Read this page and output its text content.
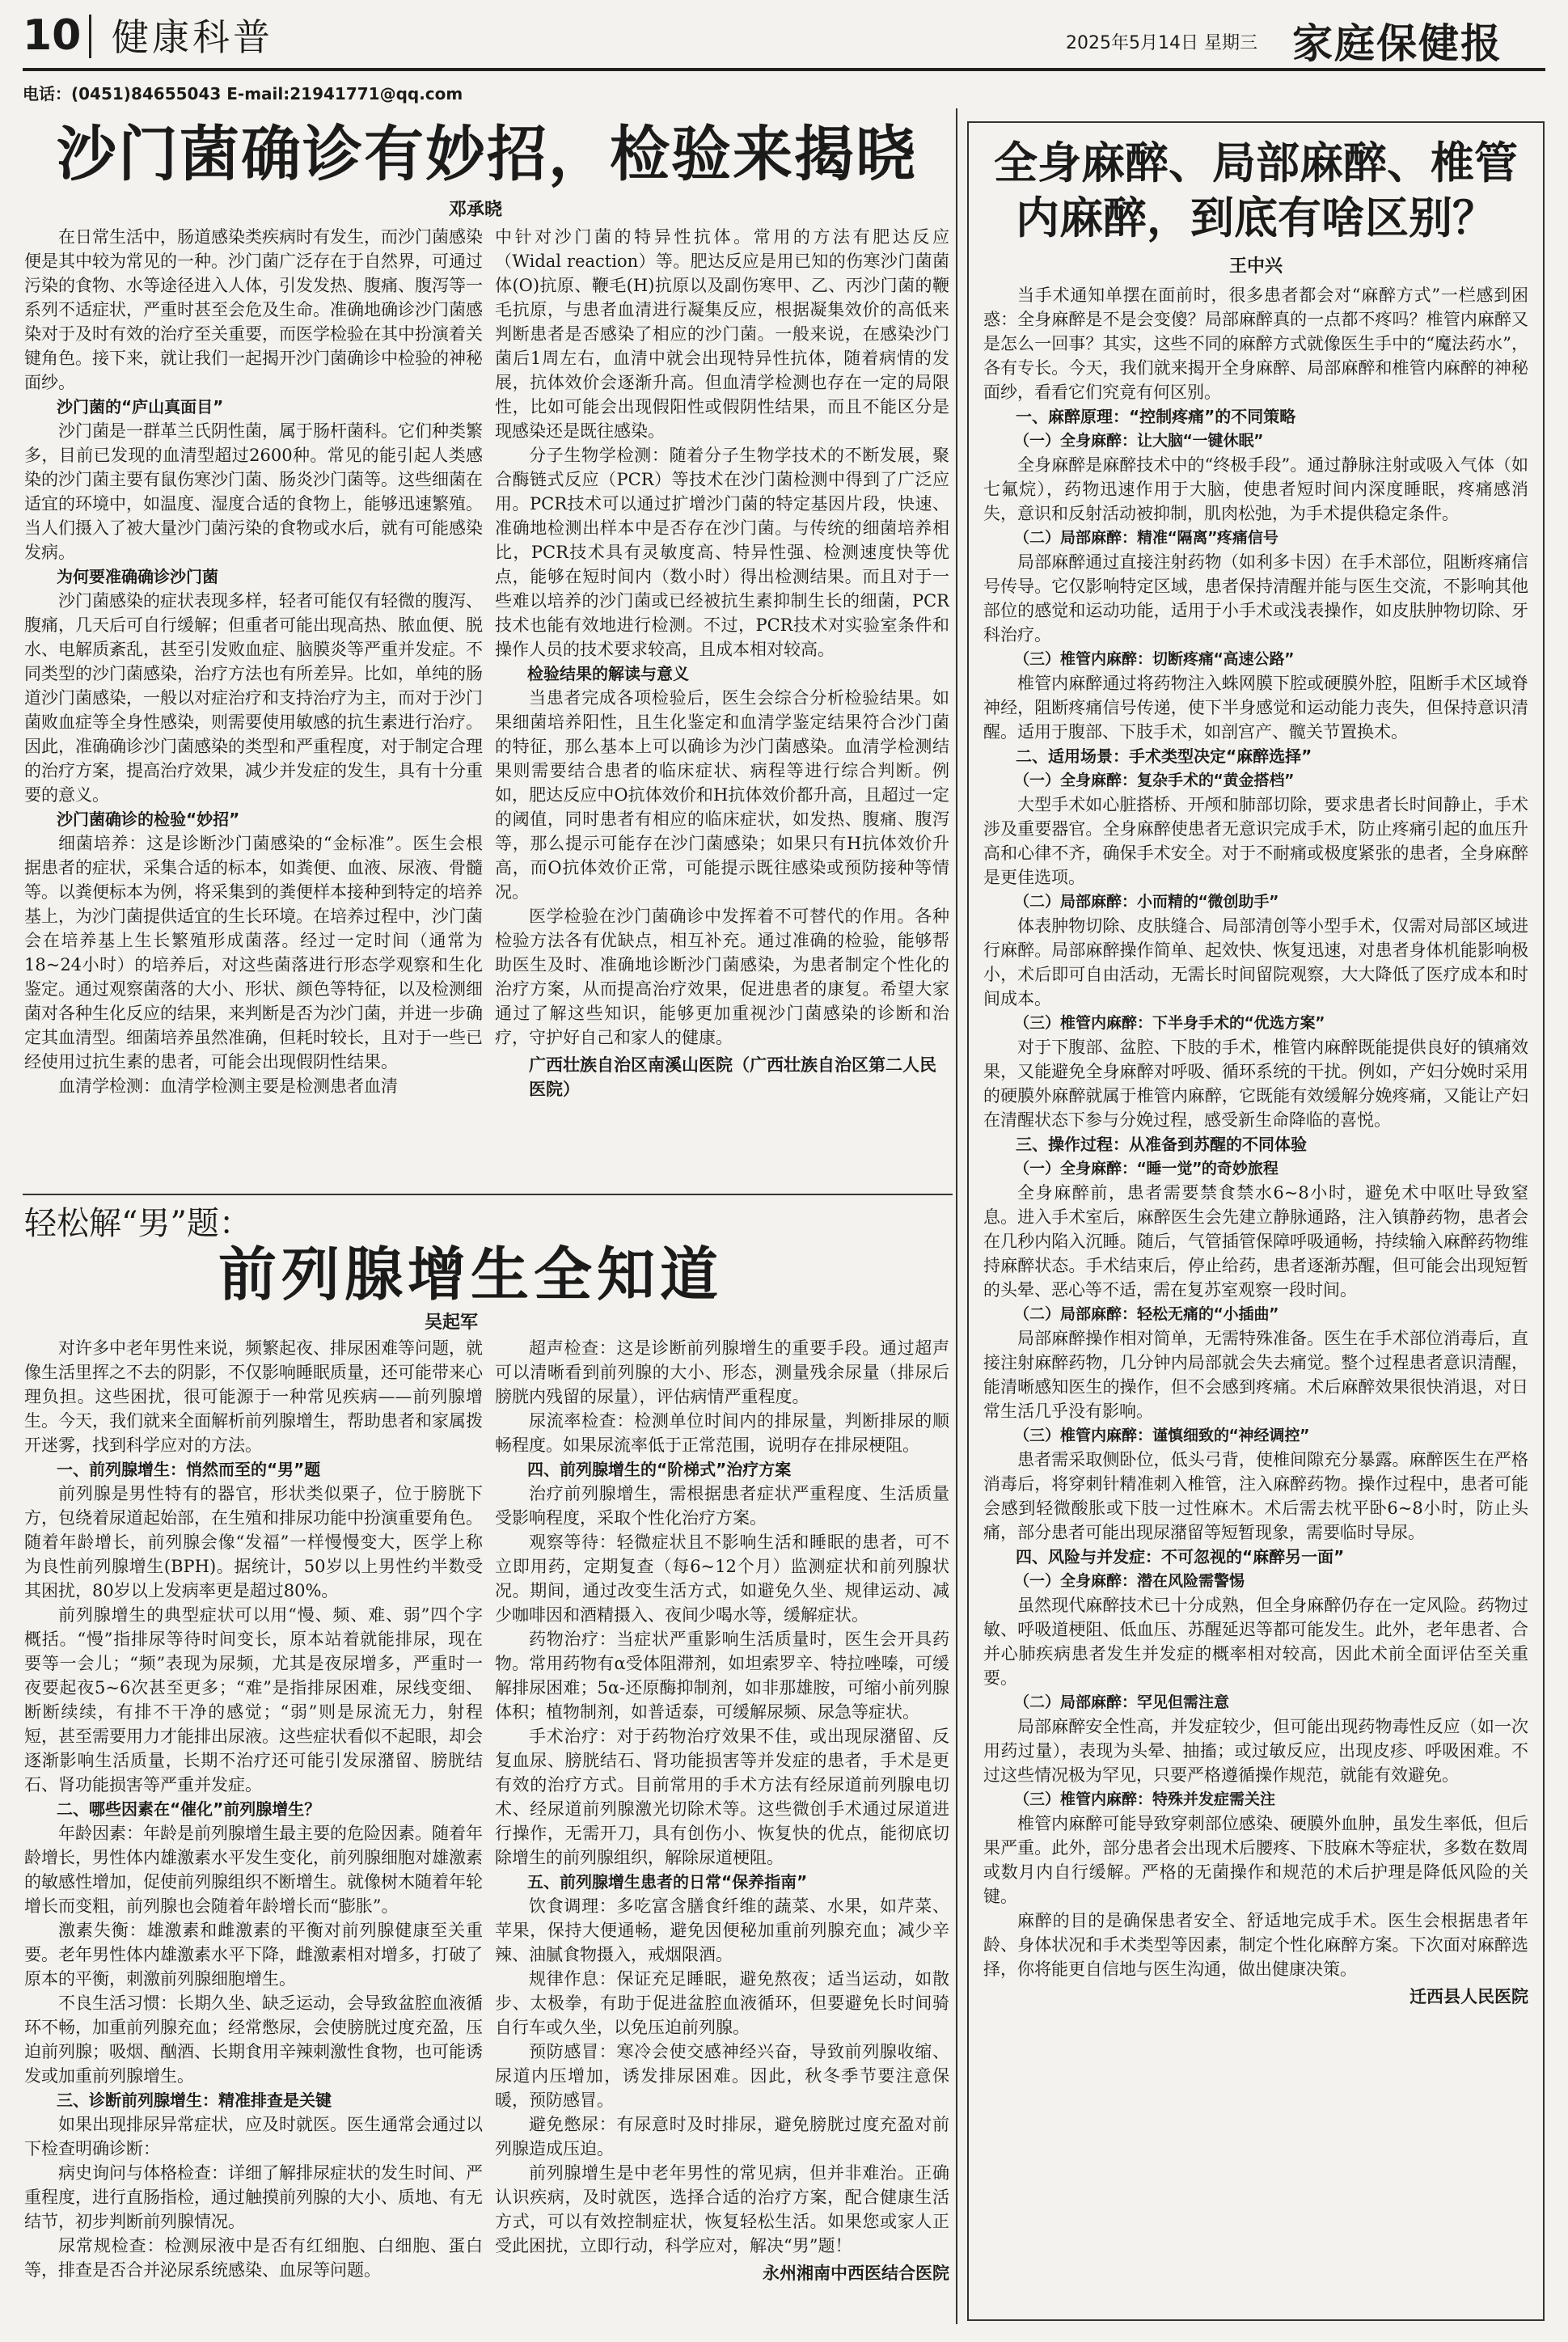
10 健康科普	2025年5月14日 星期三 家庭保健报
电话：(0451)84655043 E-mail:21941771@qq.com
沙门菌确诊有妙招，检验来揭晓
邓承晓

在日常生活中，肠道感染类疾病时有发生，而沙门菌感染便是其中较为常见的一种。沙门菌广泛存在于自然界，可通过污染的食物、水等途径进入人体，引发发热、腹痛、腹泻等一系列不适症状，严重时甚至会危及生命。准确地确诊沙门菌感染对于及时有效的治疗至关重要，而医学检验在其中扮演着关键角色。接下来，就让我们一起揭开沙门菌确诊中检验的神秘面纱。

沙门菌的“庐山真面目”

沙门菌是一群革兰氏阴性菌，属于肠杆菌科。它们种类繁多，目前已发现的血清型超过2600种。常见的能引起人类感染的沙门菌主要有鼠伤寒沙门菌、肠炎沙门菌等。这些细菌在适宜的环境中，如温度、湿度合适的食物上，能够迅速繁殖。当人们摄入了被大量沙门菌污染的食物或水后，就有可能感染发病。

为何要准确确诊沙门菌

沙门菌感染的症状表现多样，轻者可能仅有轻微的腹泻、腹痛，几天后可自行缓解；但重者可能出现高热、脓血便、脱水、电解质紊乱，甚至引发败血症、脑膜炎等严重并发症。不同类型的沙门菌感染，治疗方法也有所差异。比如，单纯的肠道沙门菌感染，一般以对症治疗和支持治疗为主，而对于沙门菌败血症等全身性感染，则需要使用敏感的抗生素进行治疗。因此，准确确诊沙门菌感染的类型和严重程度，对于制定合理的治疗方案，提高治疗效果，减少并发症的发生，具有十分重要的意义。

沙门菌确诊的检验“妙招”

细菌培养：这是诊断沙门菌感染的“金标准”。医生会根据患者的症状，采集合适的标本，如粪便、血液、尿液、骨髓等。以粪便标本为例，将采集到的粪便样本接种到特定的培养基上，为沙门菌提供适宜的生长环境。在培养过程中，沙门菌会在培养基上生长繁殖形成菌落。经过一定时间（通常为18~24小时）的培养后，对这些菌落进行形态学观察和生化鉴定。通过观察菌落的大小、形状、颜色等特征，以及检测细菌对各种生化反应的结果，来判断是否为沙门菌，并进一步确定其血清型。细菌培养虽然准确，但耗时较长，且对于一些已经使用过抗生素的患者，可能会出现假阴性结果。

血清学检测：血清学检测主要是检测患者血清

中针对沙门菌的特异性抗体。常用的方法有肥达反应（Widal reaction）等。肥达反应是用已知的伤寒沙门菌菌体(O)抗原、鞭毛(H)抗原以及副伤寒甲、乙、丙沙门菌的鞭毛抗原，与患者血清进行凝集反应，根据凝集效价的高低来判断患者是否感染了相应的沙门菌。一般来说，在感染沙门菌后1周左右，血清中就会出现特异性抗体，随着病情的发展，抗体效价会逐渐升高。但血清学检测也存在一定的局限性，比如可能会出现假阳性或假阴性结果，而且不能区分是现感染还是既往感染。

分子生物学检测：随着分子生物学技术的不断发展，聚合酶链式反应（PCR）等技术在沙门菌检测中得到了广泛应用。PCR技术可以通过扩增沙门菌的特定基因片段，快速、准确地检测出样本中是否存在沙门菌。与传统的细菌培养相比，PCR技术具有灵敏度高、特异性强、检测速度快等优点，能够在短时间内（数小时）得出检测结果。而且对于一些难以培养的沙门菌或已经被抗生素抑制生长的细菌，PCR技术也能有效地进行检测。不过，PCR技术对实验室条件和操作人员的技术要求较高，且成本相对较高。

检验结果的解读与意义

当患者完成各项检验后，医生会综合分析检验结果。如果细菌培养阳性，且生化鉴定和血清学鉴定结果符合沙门菌的特征，那么基本上可以确诊为沙门菌感染。血清学检测结果则需要结合患者的临床症状、病程等进行综合判断。例如，肥达反应中O抗体效价和H抗体效价都升高，且超过一定的阈值，同时患者有相应的临床症状，如发热、腹痛、腹泻等，那么提示可能存在沙门菌感染；如果只有H抗体效价升高，而O抗体效价正常，可能提示既往感染或预防接种等情况。

医学检验在沙门菌确诊中发挥着不可替代的作用。各种检验方法各有优缺点，相互补充。通过准确的检验，能够帮助医生及时、准确地诊断沙门菌感染，为患者制定个性化的治疗方案，从而提高治疗效果，促进患者的康复。希望大家通过了解这些知识，能够更加重视沙门菌感染的诊断和治疗，守护好自己和家人的健康。

广西壮族自治区南溪山医院（广西壮族自治区第二人民医院）

轻松解“男”题：
前列腺增生全知道
吴起军

对许多中老年男性来说，频繁起夜、排尿困难等问题，就像生活里挥之不去的阴影，不仅影响睡眠质量，还可能带来心理负担。这些困扰，很可能源于一种常见疾病——前列腺增生。今天，我们就来全面解析前列腺增生，帮助患者和家属拨开迷雾，找到科学应对的方法。

一、前列腺增生：悄然而至的“男”题

前列腺是男性特有的器官，形状类似栗子，位于膀胱下方，包绕着尿道起始部，在生殖和排尿功能中扮演重要角色。随着年龄增长，前列腺会像“发福”一样慢慢变大，医学上称为良性前列腺增生(BPH)。据统计，50岁以上男性约半数受其困扰，80岁以上发病率更是超过80%。

前列腺增生的典型症状可以用“慢、频、难、弱”四个字概括。“慢”指排尿等待时间变长，原本站着就能排尿，现在要等一会儿；“频”表现为尿频，尤其是夜尿增多，严重时一夜要起夜5~6次甚至更多；“难”是指排尿困难，尿线变细、断断续续，有排不干净的感觉；“弱”则是尿流无力，射程短，甚至需要用力才能排出尿液。这些症状看似不起眼，却会逐渐影响生活质量，长期不治疗还可能引发尿潴留、膀胱结石、肾功能损害等严重并发症。

二、哪些因素在“催化”前列腺增生？

年龄因素：年龄是前列腺增生最主要的危险因素。随着年龄增长，男性体内雄激素水平发生变化，前列腺细胞对雄激素的敏感性增加，促使前列腺组织不断增生。就像树木随着年轮增长而变粗，前列腺也会随着年龄增长而“膨胀”。

激素失衡：雄激素和雌激素的平衡对前列腺健康至关重要。老年男性体内雄激素水平下降，雌激素相对增多，打破了原本的平衡，刺激前列腺细胞增生。

不良生活习惯：长期久坐、缺乏运动，会导致盆腔血液循环不畅，加重前列腺充血；经常憋尿，会使膀胱过度充盈，压迫前列腺；吸烟、酗酒、长期食用辛辣刺激性食物，也可能诱发或加重前列腺增生。

三、诊断前列腺增生：精准排查是关键

如果出现排尿异常症状，应及时就医。医生通常会通过以下检查明确诊断：

病史询问与体格检查：详细了解排尿症状的发生时间、严重程度，进行直肠指检，通过触摸前列腺的大小、质地、有无结节，初步判断前列腺情况。

尿常规检查：检测尿液中是否有红细胞、白细胞、蛋白等，排查是否合并泌尿系统感染、血尿等问题。

超声检查：这是诊断前列腺增生的重要手段。通过超声可以清晰看到前列腺的大小、形态，测量残余尿量（排尿后膀胱内残留的尿量），评估病情严重程度。

尿流率检查：检测单位时间内的排尿量，判断排尿的顺畅程度。如果尿流率低于正常范围，说明存在排尿梗阻。

四、前列腺增生的“阶梯式”治疗方案

治疗前列腺增生，需根据患者症状严重程度、生活质量受影响程度，采取个性化治疗方案。

观察等待：轻微症状且不影响生活和睡眠的患者，可不立即用药，定期复查（每6~12个月）监测症状和前列腺状况。期间，通过改变生活方式，如避免久坐、规律运动、减少咖啡因和酒精摄入、夜间少喝水等，缓解症状。

药物治疗：当症状严重影响生活质量时，医生会开具药物。常用药物有α受体阻滞剂，如坦索罗辛、特拉唑嗪，可缓解排尿困难；5α-还原酶抑制剂，如非那雄胺，可缩小前列腺体积；植物制剂，如普适泰，可缓解尿频、尿急等症状。

手术治疗：对于药物治疗效果不佳，或出现尿潴留、反复血尿、膀胱结石、肾功能损害等并发症的患者，手术是更有效的治疗方式。目前常用的手术方法有经尿道前列腺电切术、经尿道前列腺激光切除术等。这些微创手术通过尿道进行操作，无需开刀，具有创伤小、恢复快的优点，能彻底切除增生的前列腺组织，解除尿道梗阻。

五、前列腺增生患者的日常“保养指南”

饮食调理：多吃富含膳食纤维的蔬菜、水果，如芹菜、苹果，保持大便通畅，避免因便秘加重前列腺充血；减少辛辣、油腻食物摄入，戒烟限酒。

规律作息：保证充足睡眠，避免熬夜；适当运动，如散步、太极拳，有助于促进盆腔血液循环，但要避免长时间骑自行车或久坐，以免压迫前列腺。

预防感冒：寒冷会使交感神经兴奋，导致前列腺收缩、尿道内压增加，诱发排尿困难。因此，秋冬季节要注意保暖，预防感冒。

避免憋尿：有尿意时及时排尿，避免膀胱过度充盈对前列腺造成压迫。

前列腺增生是中老年男性的常见病，但并非难治。正确认识疾病，及时就医，选择合适的治疗方案，配合健康生活方式，可以有效控制症状，恢复轻松生活。如果您或家人正受此困扰，立即行动，科学应对，解决“男”题！

永州湘南中西医结合医院

全身麻醉、局部麻醉、椎管
内麻醉，到底有啥区别？
王中兴

当手术通知单摆在面前时，很多患者都会对“麻醉方式”一栏感到困惑：全身麻醉是不是会变傻？局部麻醉真的一点都不疼吗？椎管内麻醉又是怎么一回事？其实，这些不同的麻醉方式就像医生手中的“魔法药水”，各有专长。今天，我们就来揭开全身麻醉、局部麻醉和椎管内麻醉的神秘面纱，看看它们究竟有何区别。

一、麻醉原理：“控制疼痛”的不同策略

（一）全身麻醉：让大脑“一键休眠”

全身麻醉是麻醉技术中的“终极手段”。通过静脉注射或吸入气体（如七氟烷），药物迅速作用于大脑，使患者短时间内深度睡眠，疼痛感消失，意识和反射活动被抑制，肌肉松弛，为手术提供稳定条件。

（二）局部麻醉：精准“隔离”疼痛信号

局部麻醉通过直接注射药物（如利多卡因）在手术部位，阻断疼痛信号传导。它仅影响特定区域，患者保持清醒并能与医生交流，不影响其他部位的感觉和运动功能，适用于小手术或浅表操作，如皮肤肿物切除、牙科治疗。

（三）椎管内麻醉：切断疼痛“高速公路”

椎管内麻醉通过将药物注入蛛网膜下腔或硬膜外腔，阻断手术区域脊神经，阻断疼痛信号传递，使下半身感觉和运动能力丧失，但保持意识清醒。适用于腹部、下肢手术，如剖宫产、髋关节置换术。

二、适用场景：手术类型决定“麻醉选择”

（一）全身麻醉：复杂手术的“黄金搭档”

大型手术如心脏搭桥、开颅和肺部切除，要求患者长时间静止，手术涉及重要器官。全身麻醉使患者无意识完成手术，防止疼痛引起的血压升高和心律不齐，确保手术安全。对于不耐痛或极度紧张的患者，全身麻醉是更佳选项。

（二）局部麻醉：小而精的“微创助手”

体表肿物切除、皮肤缝合、局部清创等小型手术，仅需对局部区域进行麻醉。局部麻醉操作简单、起效快、恢复迅速，对患者身体机能影响极小，术后即可自由活动，无需长时间留院观察，大大降低了医疗成本和时间成本。

（三）椎管内麻醉：下半身手术的“优选方案”

对于下腹部、盆腔、下肢的手术，椎管内麻醉既能提供良好的镇痛效果，又能避免全身麻醉对呼吸、循环系统的干扰。例如，产妇分娩时采用的硬膜外麻醉就属于椎管内麻醉，它既能有效缓解分娩疼痛，又能让产妇在清醒状态下参与分娩过程，感受新生命降临的喜悦。

三、操作过程：从准备到苏醒的不同体验

（一）全身麻醉：“睡一觉”的奇妙旅程

全身麻醉前，患者需要禁食禁水6~8小时，避免术中呕吐导致窒息。进入手术室后，麻醉医生会先建立静脉通路，注入镇静药物，患者会在几秒内陷入沉睡。随后，气管插管保障呼吸通畅，持续输入麻醉药物维持麻醉状态。手术结束后，停止给药，患者逐渐苏醒，但可能会出现短暂的头晕、恶心等不适，需在复苏室观察一段时间。

（二）局部麻醉：轻松无痛的“小插曲”

局部麻醉操作相对简单，无需特殊准备。医生在手术部位消毒后，直接注射麻醉药物，几分钟内局部就会失去痛觉。整个过程患者意识清醒，能清晰感知医生的操作，但不会感到疼痛。术后麻醉效果很快消退，对日常生活几乎没有影响。

（三）椎管内麻醉：谨慎细致的“神经调控”

患者需采取侧卧位，低头弓背，使椎间隙充分暴露。麻醉医生在严格消毒后，将穿刺针精准刺入椎管，注入麻醉药物。操作过程中，患者可能会感到轻微酸胀或下肢一过性麻木。术后需去枕平卧6~8小时，防止头痛，部分患者可能出现尿潴留等短暂现象，需要临时导尿。

四、风险与并发症：不可忽视的“麻醉另一面”

（一）全身麻醉：潜在风险需警惕

虽然现代麻醉技术已十分成熟，但全身麻醉仍存在一定风险。药物过敏、呼吸道梗阻、低血压、苏醒延迟等都可能发生。此外，老年患者、合并心肺疾病患者发生并发症的概率相对较高，因此术前全面评估至关重要。

（二）局部麻醉：罕见但需注意

局部麻醉安全性高，并发症较少，但可能出现药物毒性反应（如一次用药过量），表现为头晕、抽搐；或过敏反应，出现皮疹、呼吸困难。不过这些情况极为罕见，只要严格遵循操作规范，就能有效避免。

（三）椎管内麻醉：特殊并发症需关注

椎管内麻醉可能导致穿刺部位感染、硬膜外血肿，虽发生率低，但后果严重。此外，部分患者会出现术后腰疼、下肢麻木等症状，多数在数周或数月内自行缓解。严格的无菌操作和规范的术后护理是降低风险的关键。

麻醉的目的是确保患者安全、舒适地完成手术。医生会根据患者年龄、身体状况和手术类型等因素，制定个性化麻醉方案。下次面对麻醉选择，你将能更自信地与医生沟通，做出健康决策。

迁西县人民医院
